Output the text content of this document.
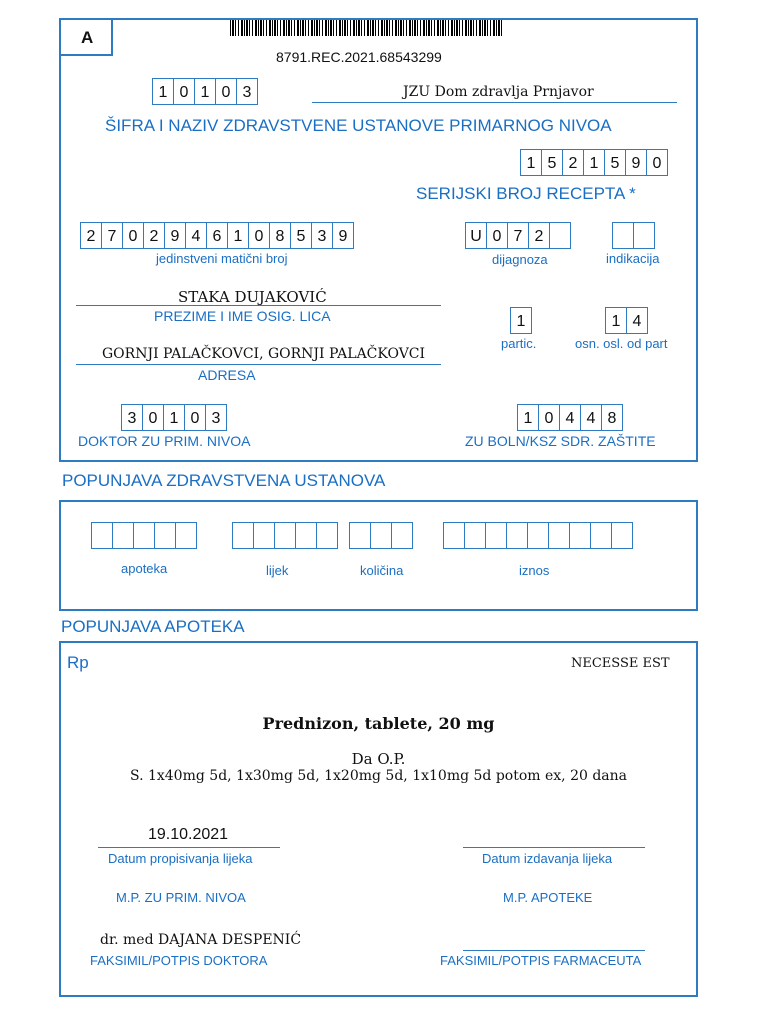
A
8791.REC.2021.68543299
1 0 1 0 3	JZU Dom zdravlja Prnjavor
ŠIFRA I NAZIV ZDRAVSTVENE USTANOVE PRIMARNOG NIVOA
1 5 2 1 5 9 0
SERIJSKI BROJ RECEPTA *
2 7 0 2 9 4 6 1 0 8 5 3 9
jedinstveni matični broj
U 0 7 2
dijagnoza	indikacija
STAKA DUJAKOVIĆ
PREZIME I IME OSIG. LICA
GORNJI PALAČKOVCI, GORNJI PALAČKOVCI
ADRESA
1
partic.
1 4
osn. osl. od part
3 0 1 0 3
DOKTOR ZU PRIM. NIVOA
1 0 4 4 8
ZU BOLN/KSZ SDR. ZAŠTITE
POPUNJAVA ZDRAVSTVENA USTANOVA
apoteka	lijek	količina	iznos
POPUNJAVA APOTEKA
Rp	NECESSE EST
Prednizon, tablete, 20 mg
Da O.P.
S. 1x40mg 5d, 1x30mg 5d, 1x20mg 5d, 1x10mg 5d potom ex, 20 dana
19.10.2021
Datum propisivanja lijeka	Datum izdavanja lijeka
M.P. ZU PRIM. NIVOA	M.P. APOTEKE
dr. med DAJANA DESPENIĆ
FAKSIMIL/POTPIS DOKTORA	FAKSIMIL/POTPIS FARMACEUTA
